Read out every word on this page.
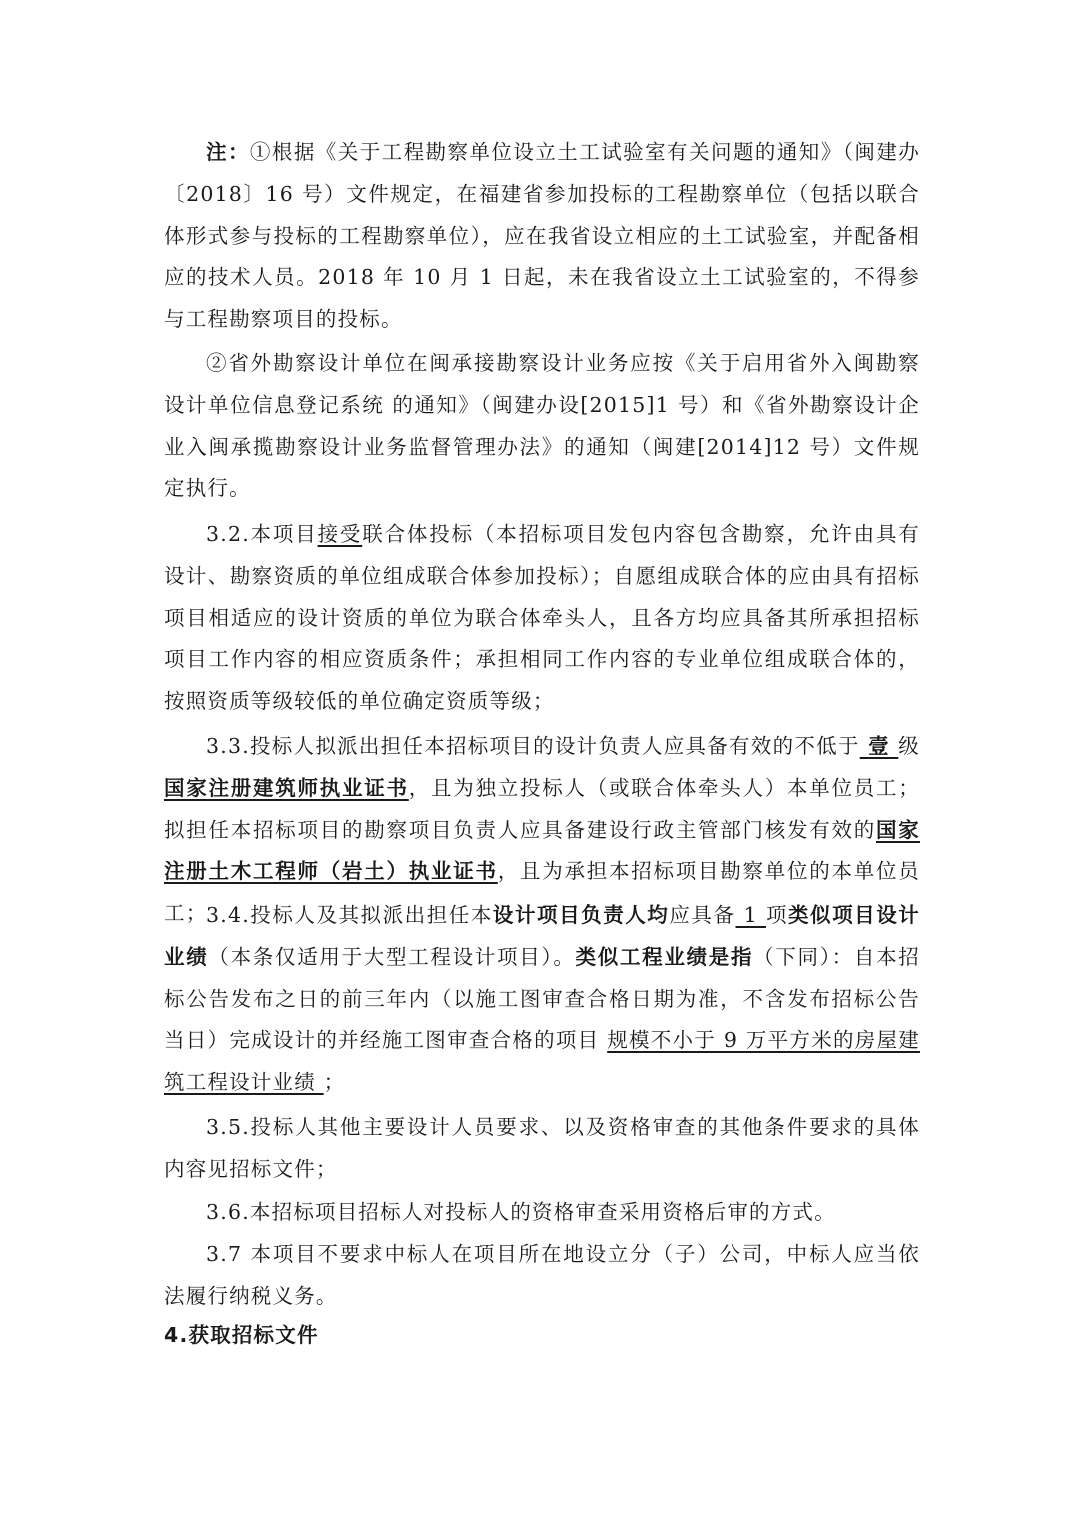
注：①根据《关于工程勘察单位设立土工试验室有关问题的通知》（闽建办〔2018〕16 号）文件规定，在福建省参加投标的工程勘察单位（包括以联合体形式参与投标的工程勘察单位），应在我省设立相应的土工试验室，并配备相应的技术人员。2018 年 10 月 1 日起，未在我省设立土工试验室的，不得参与工程勘察项目的投标。

②省外勘察设计单位在闽承接勘察设计业务应按《关于启用省外入闽勘察设计单位信息登记系统 的通知》（闽建办设[2015]1 号）和《省外勘察设计企业入闽承揽勘察设计业务监督管理办法》的通知（闽建[2014]12 号）文件规定执行。

3.2.本项目接受联合体投标（本招标项目发包内容包含勘察，允许由具有设计、勘察资质的单位组成联合体参加投标）；自愿组成联合体的应由具有招标项目相适应的设计资质的单位为联合体牵头人，且各方均应具备其所承担招标项目工作内容的相应资质条件；承担相同工作内容的专业单位组成联合体的，按照资质等级较低的单位确定资质等级；

3.3.投标人拟派出担任本招标项目的设计负责人应具备有效的不低于 壹 级国家注册建筑师执业证书，且为独立投标人（或联合体牵头人）本单位员工；拟担任本招标项目的勘察项目负责人应具备建设行政主管部门核发有效的国家注册土木工程师（岩土）执业证书，且为承担本招标项目勘察单位的本单位员工；

3.4.投标人及其拟派出担任本设计项目负责人均应具备 1 项类似项目设计业绩（本条仅适用于大型工程设计项目）。类似工程业绩是指（下同）：自本招标公告发布之日的前三年内（以施工图审查合格日期为准，不含发布招标公告当日）完成设计的并经施工图审查合格的项目 规模不小于 9 万平方米的房屋建筑工程设计业绩 ；

3.5.投标人其他主要设计人员要求、以及资格审查的其他条件要求的具体内容见招标文件；

3.6.本招标项目招标人对投标人的资格审查采用资格后审的方式。

3.7 本项目不要求中标人在项目所在地设立分（子）公司，中标人应当依法履行纳税义务。

4.获取招标文件
